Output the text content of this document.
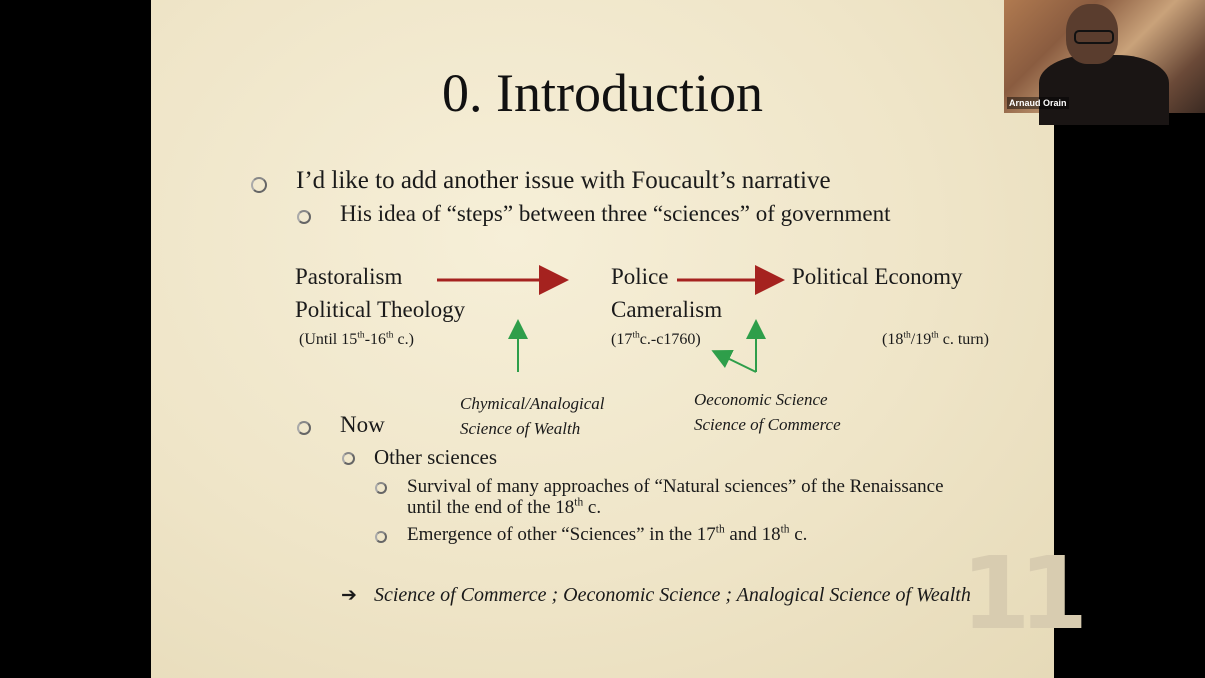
0. Introduction
I’d like to add another issue with Foucault’s narrative
His idea of “steps” between three “sciences” of government
Pastoralism
Political Theology
(Until 15th-16th c.)
Police
Cameralism
(17thc.-c1760)
Political Economy
(18th/19th c. turn)
Chymical/Analogical
Science of Wealth
Oeconomic Science
Science of Commerce
Now
Other sciences
Survival of many approaches of “Natural sciences” of the Renaissance
until the end of the 18th c.
Emergence of other “Sciences” in the 17th and 18th c.
11
➔ Science of Commerce ; Oeconomic Science ; Analogical Science of Wealth
Arnaud Orain
